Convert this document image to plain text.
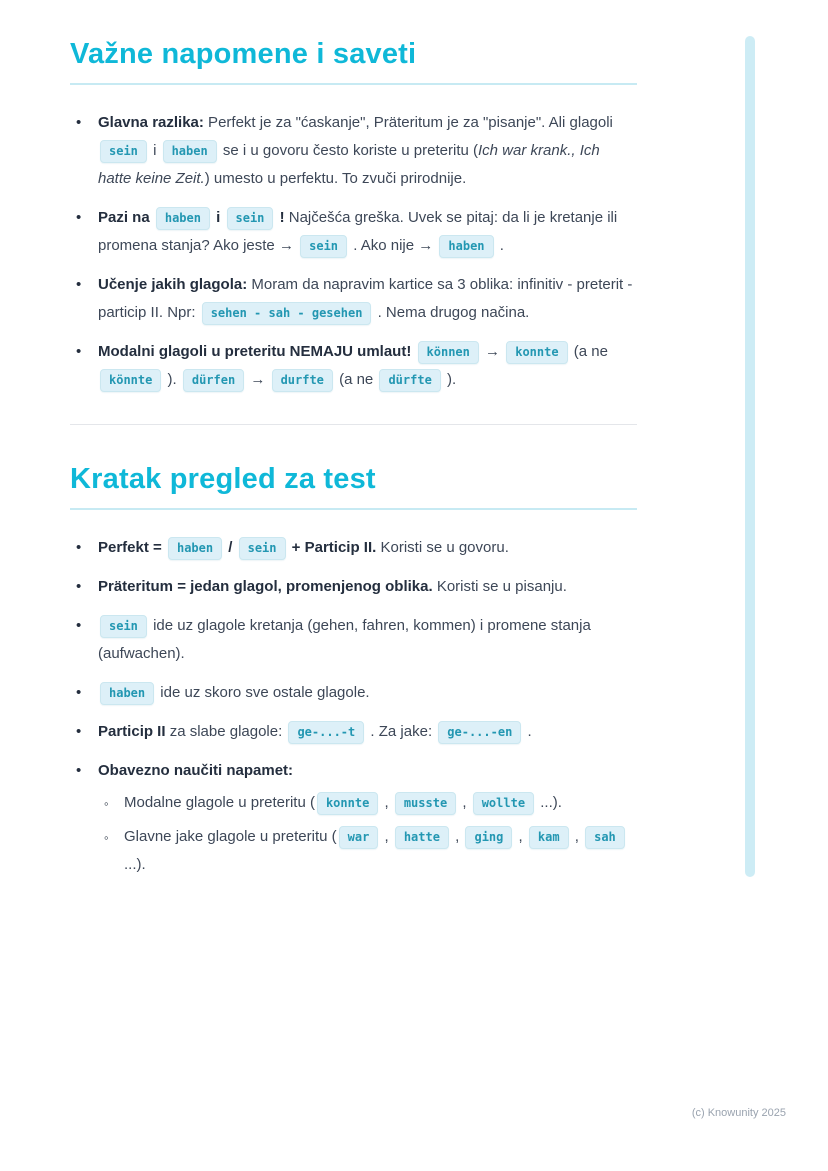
Važne napomene i saveti
• Glavna razlika: Perfekt je za "ćaskanje", Präteritum je za "pisanje". Ali glagoli sein i haben se i u govoru često koriste u preteritu (Ich war krank., Ich hatte keine Zeit.) umesto u perfektu. To zvuči prirodnije.
• Pazi na haben i sein ! Najčešća greška. Uvek se pitaj: da li je kretanje ili promena stanja? Ako jeste → sein . Ako nije → haben .
• Učenje jakih glagola: Moram da napravim kartice sa 3 oblika: infinitiv - preterit - particip II. Npr: sehen - sah - gesehen . Nema drugog načina.
• Modalni glagoli u preteritu NEMAJU umlaut! können → konnte (a ne könnte ). dürfen → durfte (a ne dürfte ).
Kratak pregled za test
• Perfekt = haben / sein + Particip II. Koristi se u govoru.
• Präteritum = jedan glagol, promenjenog oblika. Koristi se u pisanju.
• sein ide uz glagole kretanja (gehen, fahren, kommen) i promene stanja (aufwachen).
• haben ide uz skoro sve ostale glagole.
• Particip II za slabe glagole: ge-...-t . Za jake: ge-...-en .
• Obavezno naučiti napamet:
◦ Modalne glagole u preteritu ( konnte , musste , wollte ...).
◦ Glavne jake glagole u preteritu ( war , hatte , ging , kam , sah ...).
(c) Knowunity 2025
